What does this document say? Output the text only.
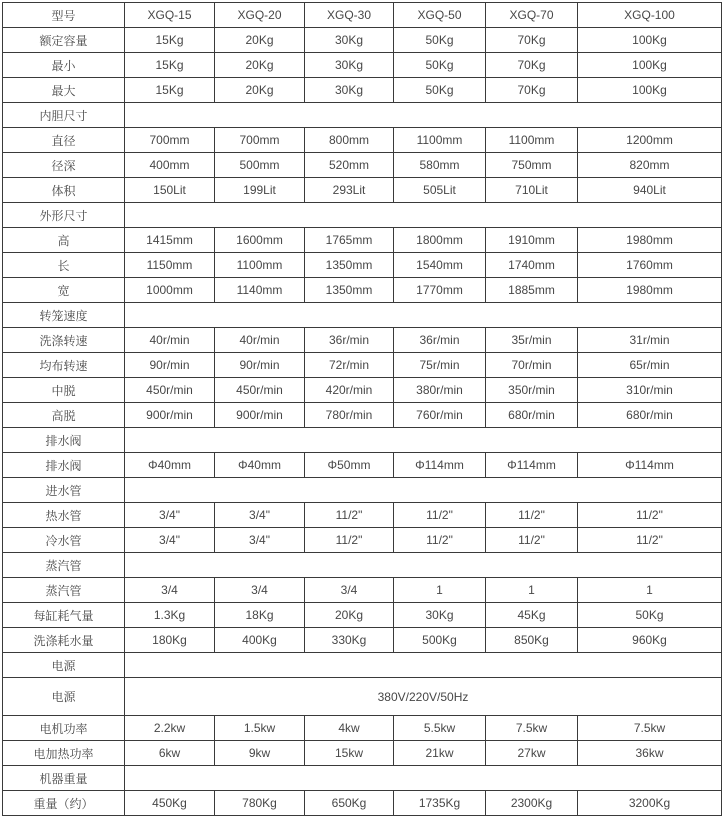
型号	XGQ-15	XGQ-20	XGQ-30	XGQ-50	XGQ-70	XGQ-100
额定容量	15Kg	20Kg	30Kg	50Kg	70Kg	100Kg
最小	15Kg	20Kg	30Kg	50Kg	70Kg	100Kg
最大	15Kg	20Kg	30Kg	50Kg	70Kg	100Kg
内胆尺寸						
直径	700mm	700mm	800mm	1100mm	1100mm	1200mm
径深	400mm	500mm	520mm	580mm	750mm	820mm
体积	150Lit	199Lit	293Lit	505Lit	710Lit	940Lit
外形尺寸						
高	1415mm	1600mm	1765mm	1800mm	1910mm	1980mm
长	1150mm	1100mm	1350mm	1540mm	1740mm	1760mm
宽	1000mm	1140mm	1350mm	1770mm	1885mm	1980mm
转笼速度						
洗涤转速	40r/min	40r/min	36r/min	36r/min	35r/min	31r/min
均布转速	90r/min	90r/min	72r/min	75r/min	70r/min	65r/min
中脱	450r/min	450r/min	420r/min	380r/min	350r/min	310r/min
高脱	900r/min	900r/min	780r/min	760r/min	680r/min	680r/min
排水阀						
排水阀	Φ40mm	Φ40mm	Φ50mm	Φ114mm	Φ114mm	Φ114mm
进水管						
热水管	3/4"	3/4"	11/2"	11/2"	11/2"	11/2"
冷水管	3/4"	3/4"	11/2"	11/2"	11/2"	11/2"
蒸汽管						
蒸汽管	3/4	3/4	3/4	1	1	1
每缸耗气量	1.3Kg	18Kg	20Kg	30Kg	45Kg	50Kg
洗涤耗水量	180Kg	400Kg	330Kg	500Kg	850Kg	960Kg
电源						
电源	380V/220V/50Hz					
电机功率	2.2kw	1.5kw	4kw	5.5kw	7.5kw	7.5kw
电加热功率	6kw	9kw	15kw	21kw	27kw	36kw
机器重量						
重量（约）	450Kg	780Kg	650Kg	1735Kg	2300Kg	3200Kg
